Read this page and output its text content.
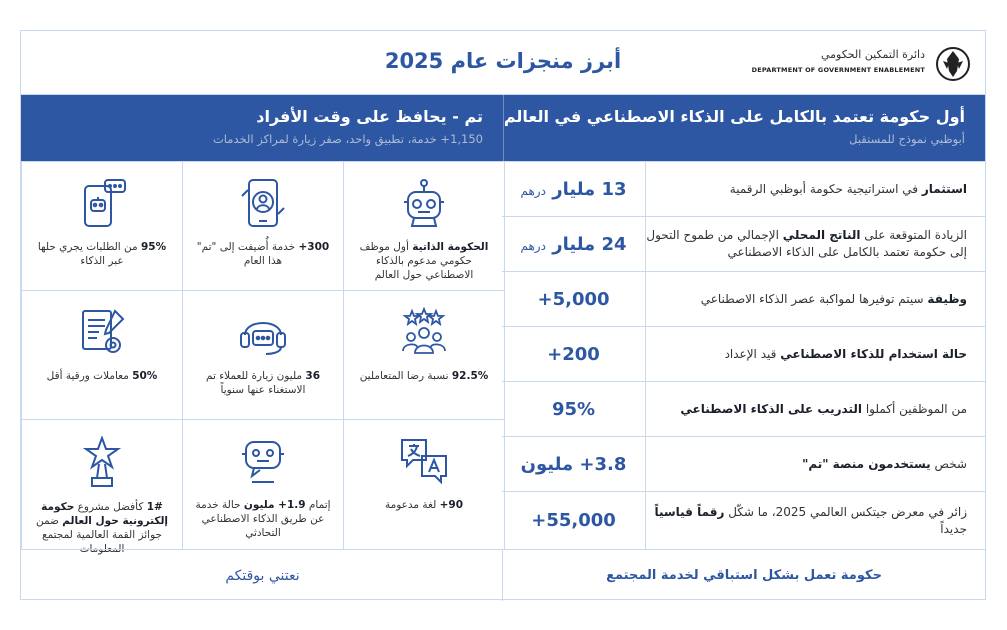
أبرز منجزات عام 2025	دائرة التمكين الحكومي
DEPARTMENT OF GOVERNMENT ENABLEMENT
أول حكومة تعتمد بالكامل على الذكاء الاصطناعي في العالم
أبوظبي نموذج للمستقبل
تم - يحافظ على وقت الأفراد
1,150+ خدمة، تطبيق واحد، صفر زيارة لمراكز الخدمات
استثمار في استراتيجية حكومة أبوظبي الرقمية
13 مليار درهم
الزيادة المتوقعة على الناتج المحلي الإجمالي من طموح التحول إلى حكومة تعتمد بالكامل على الذكاء الاصطناعي
24 مليار درهم
وظيفة سيتم توفيرها لمواكبة عصر الذكاء الاصطناعي
5,000+
حالة استخدام للذكاء الاصطناعي قيد الإعداد
200+
من الموظفين أكملوا التدريب على الذكاء الاصطناعي
95%
شخص يستخدمون منصة "تم"
3.8+ مليون
زائر في معرض جيتكس العالمي 2025، ما شكّل رقماً قياسياً جديداً
55,000+
الحكومة الذاتية أول موظف حكومي مدعوم بالذكاء الاصطناعي حول العالم
300+ خدمة أُضيفت إلى "تم" هذا العام
95% من الطلبات يجري حلها عبر الذكاء
92.5% نسبة رضا المتعاملين
36 مليون زيارة للعملاء تم الاستغناء عنها سنوياً
50% معاملات ورقية أقل
90+ لغة مدعومة
إتمام 1.9+ مليون حالة خدمة عن طريق الذكاء الاصطناعي التحادثي
1# كأفضل مشروع حكومة إلكترونية حول العالم ضمن جوائز القمة العالمية لمجتمع المعلومات
حكومة تعمل بشكل استباقي لخدمة المجتمع
نعتني بوقتكم
